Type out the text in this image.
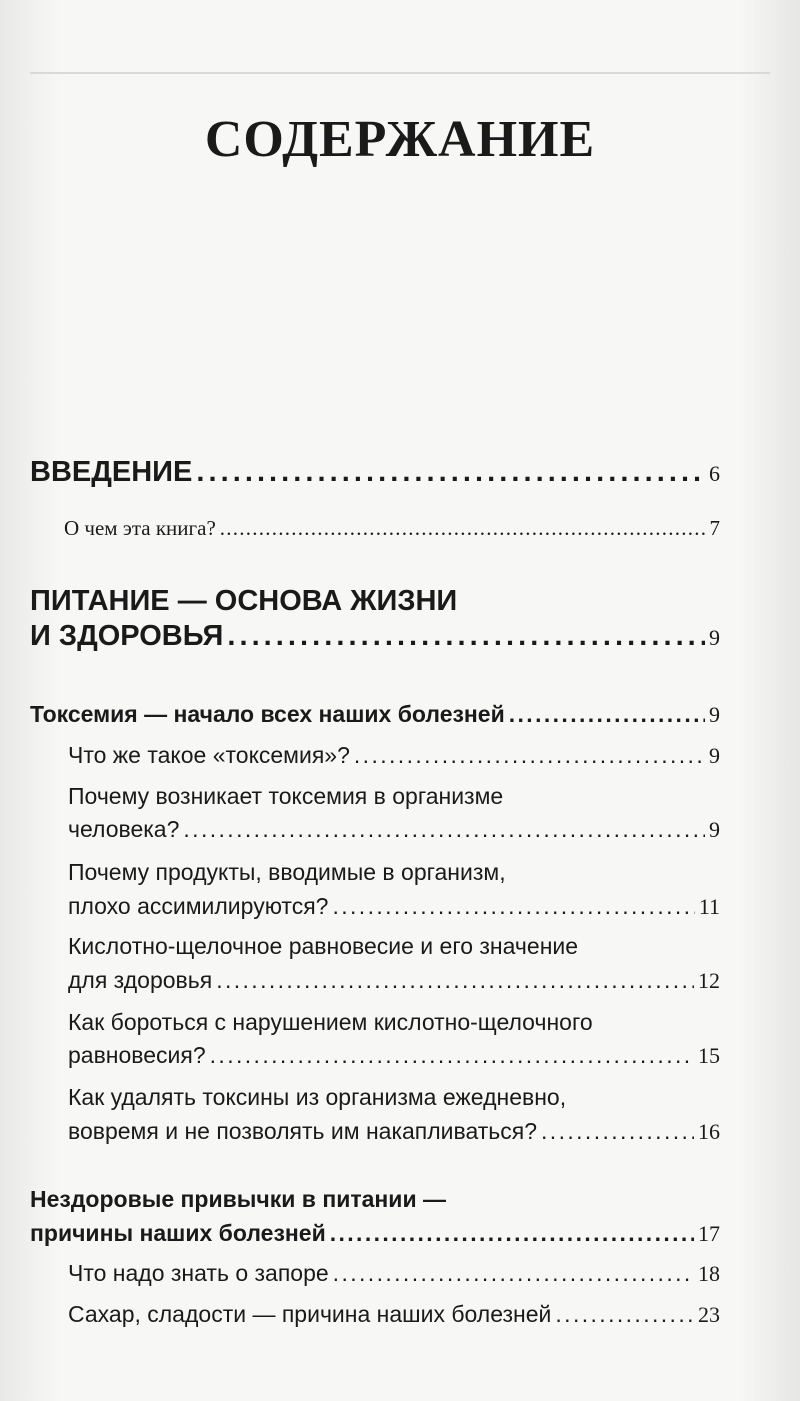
СОДЕРЖАНИЕ
ВВЕДЕНИЕ . . .	6
О чем эта книга? . . .	7
ПИТАНИЕ — ОСНОВА ЖИЗНИ
И ЗДОРОВЬЯ . . .	9
Токсемия — начало всех наших болезней . . .	9
Что же такое «токсемия»? . . .	9
Почему возникает токсемия в организме
человека? . . .	9
Почему продукты, вводимые в организм,
плохо ассимилируются? . . .	11
Кислотно-щелочное равновесие и его значение
для здоровья . . .	12
Как бороться с нарушением кислотно-щелочного
равновесия? . . .	15
Как удалять токсины из организма ежедневно,
вовремя и не позволять им накапливаться? . . .	16
Нездоровые привычки в питании —
причины наших болезней . . .	17
Что надо знать о запоре . . .	18
Сахар, сладости — причина наших болезней . . .	23
